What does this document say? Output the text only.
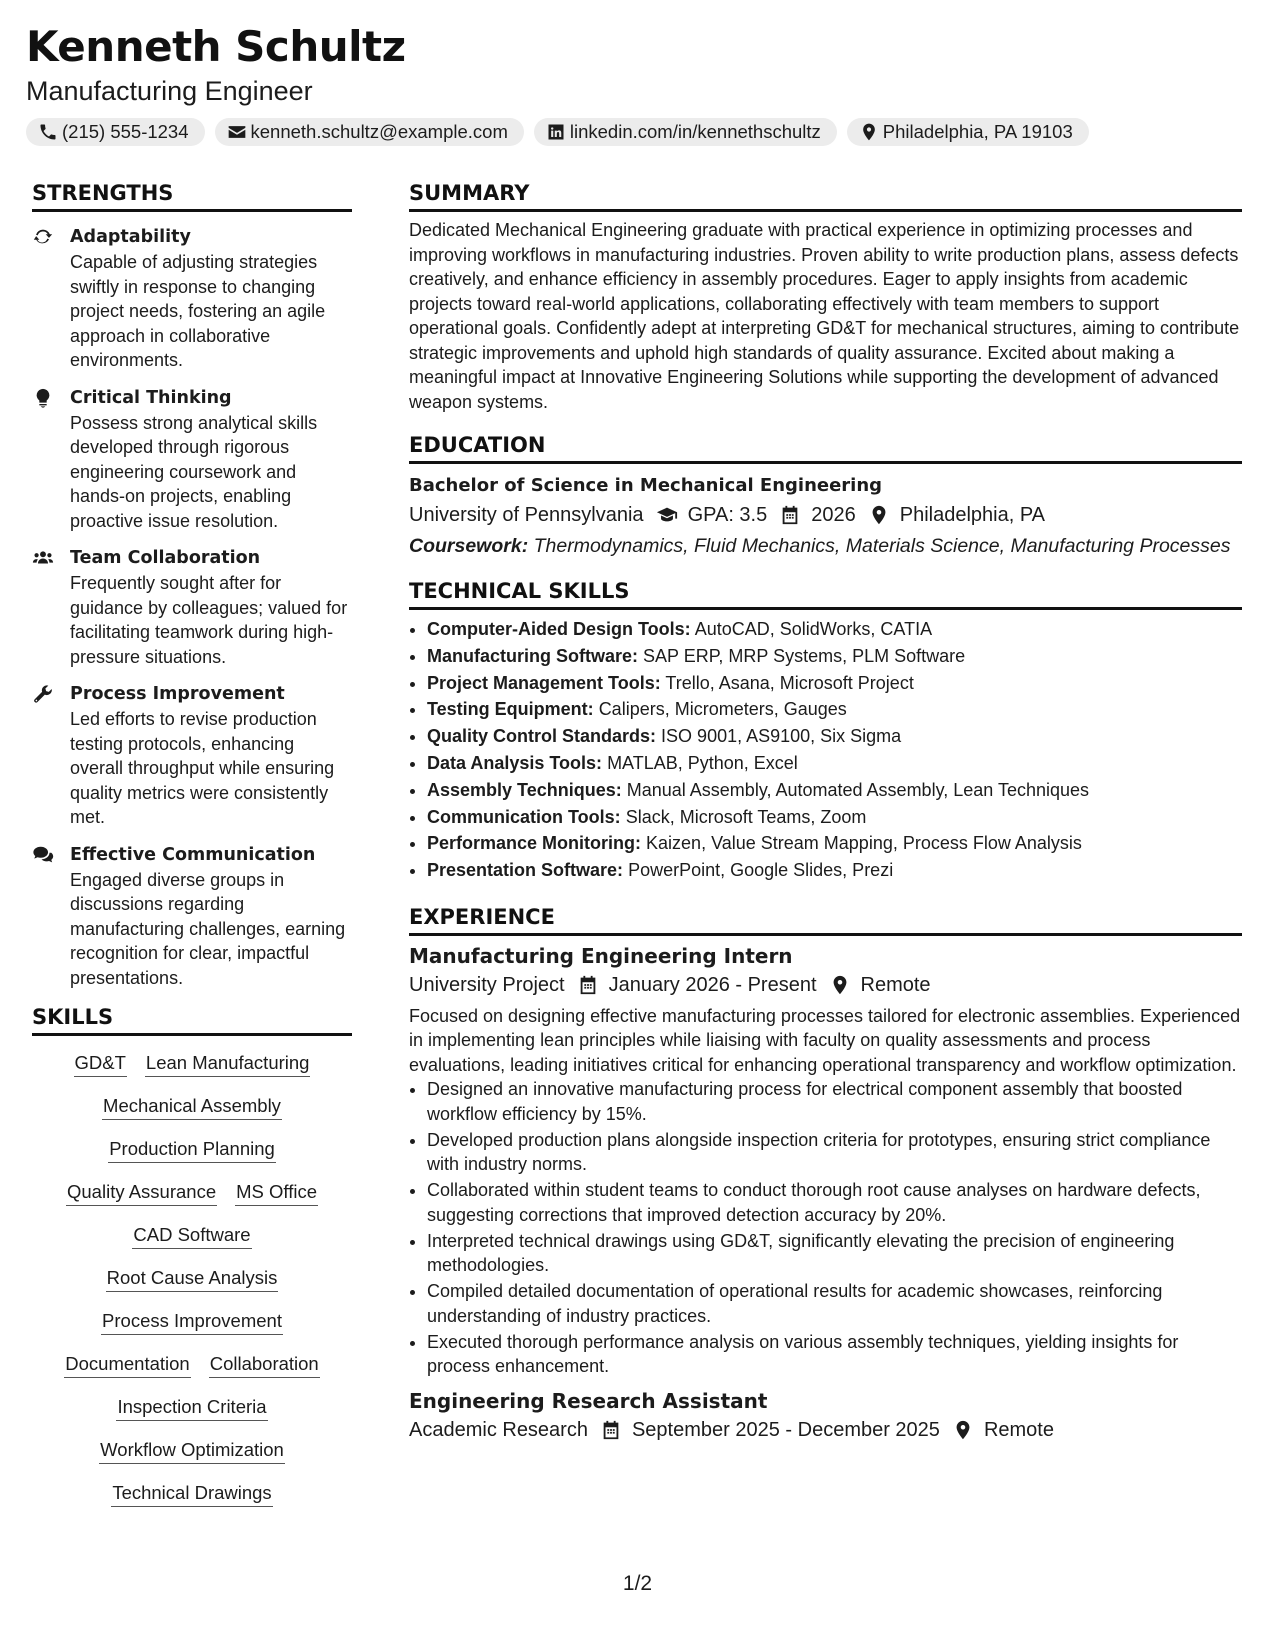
Kenneth Schultz
Manufacturing Engineer
(215) 555-1234	kenneth.schultz@example.com	linkedin.com/in/kennethschultz	Philadelphia, PA 19103
STRENGTHS
Adaptability
Capable of adjusting strategies swiftly in response to changing project needs, fostering an agile approach in collaborative environments.
Critical Thinking
Possess strong analytical skills developed through rigorous engineering coursework and hands-on projects, enabling proactive issue resolution.
Team Collaboration
Frequently sought after for guidance by colleagues; valued for facilitating teamwork during high-pressure situations.
Process Improvement
Led efforts to revise production testing protocols, enhancing overall throughput while ensuring quality metrics were consistently met.
Effective Communication
Engaged diverse groups in discussions regarding manufacturing challenges, earning recognition for clear, impactful presentations.
SKILLS
GD&T Lean Manufacturing
Mechanical Assembly
Production Planning
Quality Assurance MS Office
CAD Software
Root Cause Analysis
Process Improvement
Documentation Collaboration
Inspection Criteria
Workflow Optimization
Technical Drawings
SUMMARY
Dedicated Mechanical Engineering graduate with practical experience in optimizing processes and improving workflows in manufacturing industries. Proven ability to write production plans, assess defects creatively, and enhance efficiency in assembly procedures. Eager to apply insights from academic projects toward real-world applications, collaborating effectively with team members to support operational goals. Confidently adept at interpreting GD&T for mechanical structures, aiming to contribute strategic improvements and uphold high standards of quality assurance. Excited about making a meaningful impact at Innovative Engineering Solutions while supporting the development of advanced weapon systems.
EDUCATION
Bachelor of Science in Mechanical Engineering
University of Pennsylvania GPA: 3.5 2026 Philadelphia, PA
Coursework: Thermodynamics, Fluid Mechanics, Materials Science, Manufacturing Processes
TECHNICAL SKILLS
• Computer-Aided Design Tools: AutoCAD, SolidWorks, CATIA
• Manufacturing Software: SAP ERP, MRP Systems, PLM Software
• Project Management Tools: Trello, Asana, Microsoft Project
• Testing Equipment: Calipers, Micrometers, Gauges
• Quality Control Standards: ISO 9001, AS9100, Six Sigma
• Data Analysis Tools: MATLAB, Python, Excel
• Assembly Techniques: Manual Assembly, Automated Assembly, Lean Techniques
• Communication Tools: Slack, Microsoft Teams, Zoom
• Performance Monitoring: Kaizen, Value Stream Mapping, Process Flow Analysis
• Presentation Software: PowerPoint, Google Slides, Prezi
EXPERIENCE
Manufacturing Engineering Intern
University Project January 2026 - Present Remote
Focused on designing effective manufacturing processes tailored for electronic assemblies. Experienced in implementing lean principles while liaising with faculty on quality assessments and process evaluations, leading initiatives critical for enhancing operational transparency and workflow optimization.
• Designed an innovative manufacturing process for electrical component assembly that boosted workflow efficiency by 15%.
• Developed production plans alongside inspection criteria for prototypes, ensuring strict compliance with industry norms.
• Collaborated within student teams to conduct thorough root cause analyses on hardware defects, suggesting corrections that improved detection accuracy by 20%.
• Interpreted technical drawings using GD&T, significantly elevating the precision of engineering methodologies.
• Compiled detailed documentation of operational results for academic showcases, reinforcing understanding of industry practices.
• Executed thorough performance analysis on various assembly techniques, yielding insights for process enhancement.
Engineering Research Assistant
Academic Research September 2025 - December 2025 Remote
1/2
